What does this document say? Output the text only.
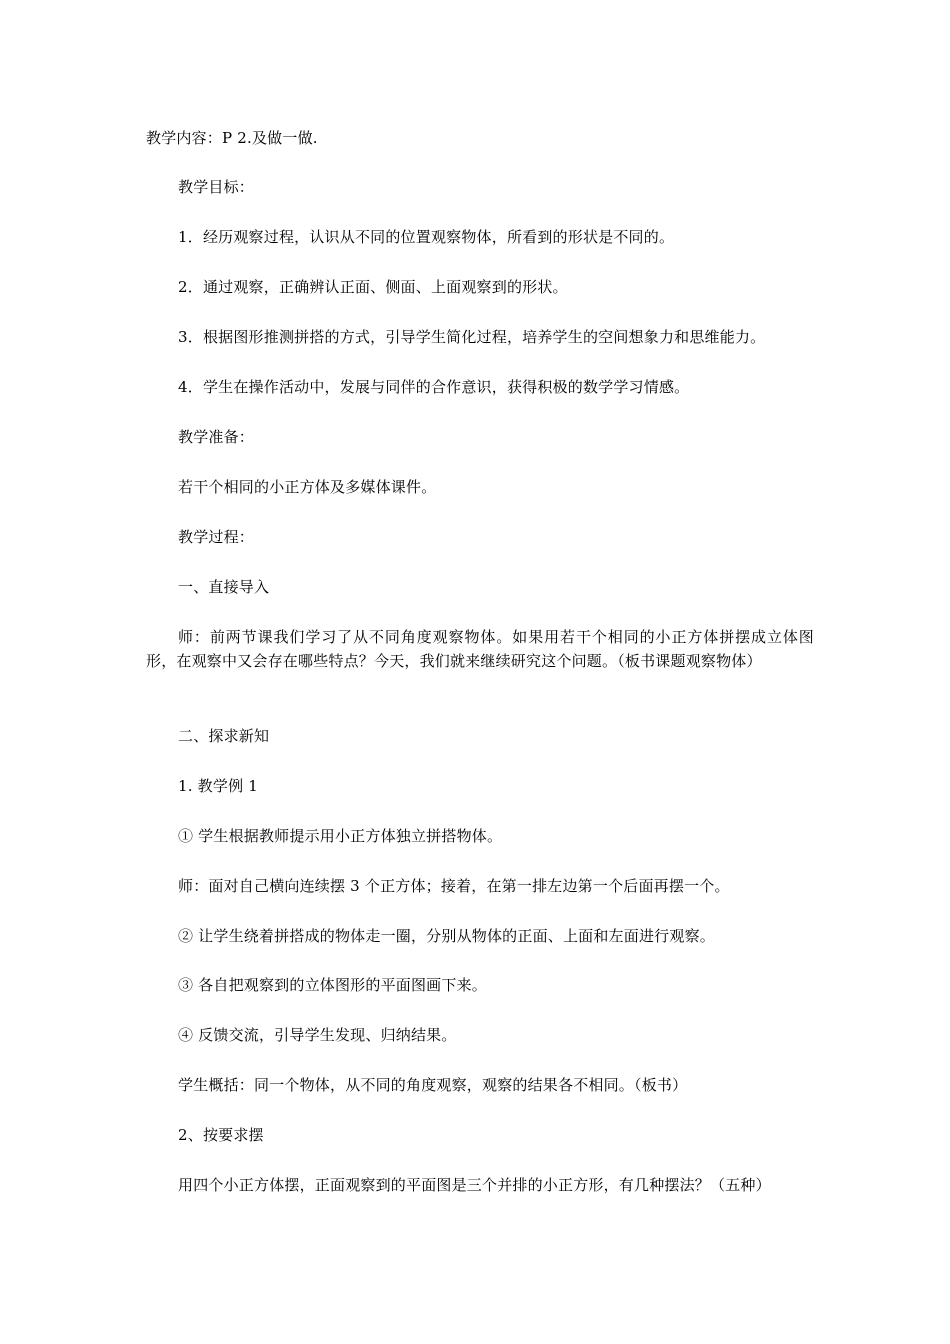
教学内容：P 2.及做一做.
教学目标：
1．经历观察过程，认识从不同的位置观察物体，所看到的形状是不同的。
2．通过观察，正确辨认正面、侧面、上面观察到的形状。
3．根据图形推测拼搭的方式，引导学生简化过程，培养学生的空间想象力和思维能力。
4．学生在操作活动中，发展与同伴的合作意识，获得积极的数学学习情感。
教学准备：
若干个相同的小正方体及多媒体课件。
教学过程：
一、直接导入
师：前两节课我们学习了从不同角度观察物体。如果用若干个相同的小正方体拼摆成立体图形，在观察中又会存在哪些特点？今天，我们就来继续研究这个问题。（板书课题观察物体）
二、探求新知
1. 教学例 1
① 学生根据教师提示用小正方体独立拼搭物体。
师：面对自己横向连续摆 3 个正方体；接着，在第一排左边第一个后面再摆一个。
② 让学生绕着拼搭成的物体走一圈，分别从物体的正面、上面和左面进行观察。
③ 各自把观察到的立体图形的平面图画下来。
④ 反馈交流，引导学生发现、归纳结果。
学生概括：同一个物体，从不同的角度观察，观察的结果各不相同。（板书）
2、按要求摆
用四个小正方体摆，正面观察到的平面图是三个并排的小正方形，有几种摆法？（五种）
